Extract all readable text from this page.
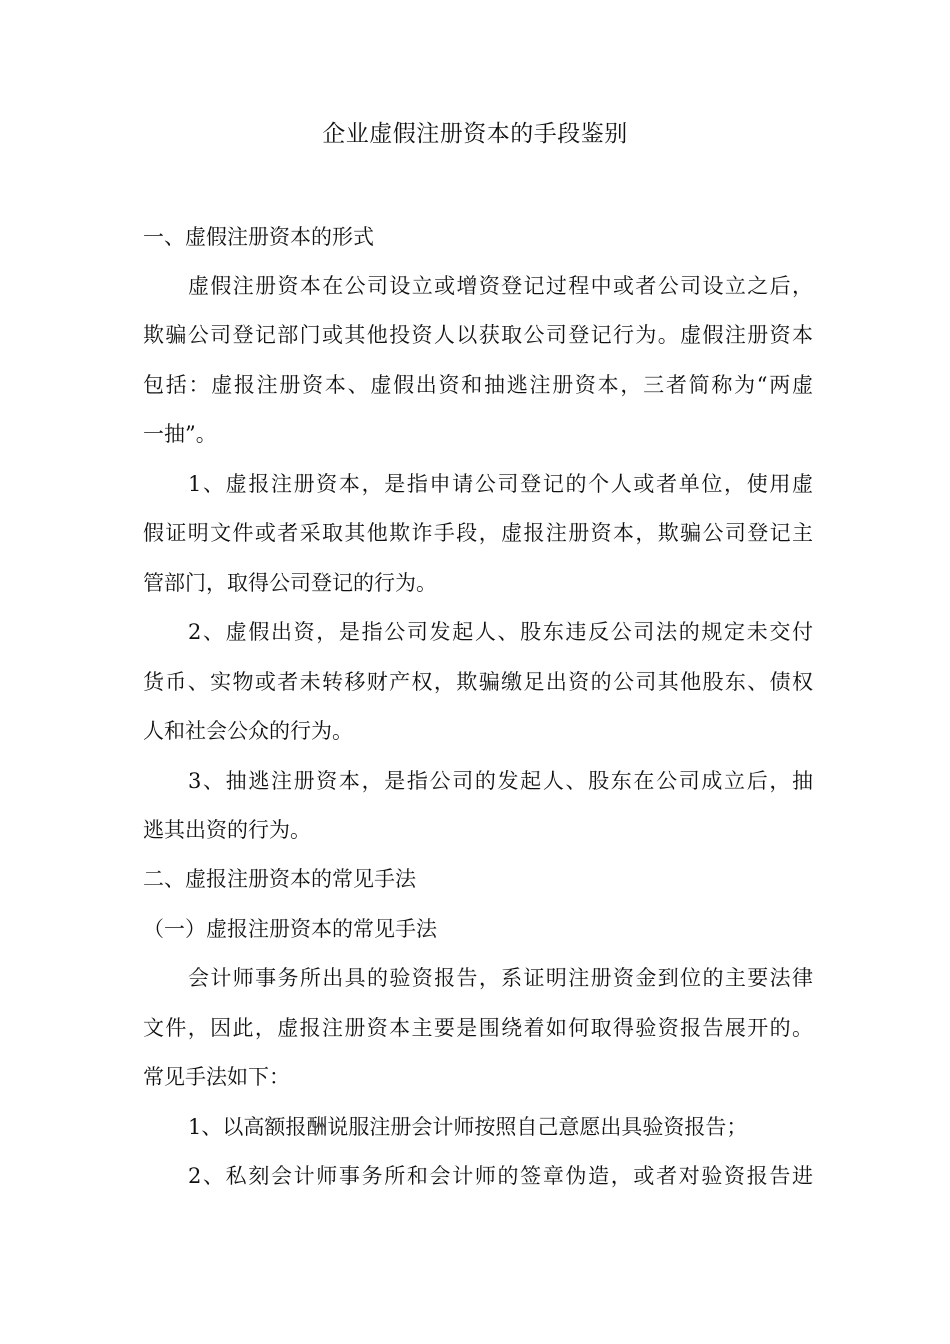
企业虚假注册资本的手段鉴别
一、虚假注册资本的形式
虚假注册资本在公司设立或增资登记过程中或者公司设立之后，
欺骗公司登记部门或其他投资人以获取公司登记行为。虚假注册资本
包括：虚报注册资本、虚假出资和抽逃注册资本，三者简称为“两虚
一抽”。
1、虚报注册资本，是指申请公司登记的个人或者单位，使用虚
假证明文件或者采取其他欺诈手段，虚报注册资本，欺骗公司登记主
管部门，取得公司登记的行为。
2、虚假出资，是指公司发起人、股东违反公司法的规定未交付
货币、实物或者未转移财产权，欺骗缴足出资的公司其他股东、债权
人和社会公众的行为。
3、抽逃注册资本，是指公司的发起人、股东在公司成立后，抽
逃其出资的行为。
二、虚报注册资本的常见手法
（一）虚报注册资本的常见手法
会计师事务所出具的验资报告，系证明注册资金到位的主要法律
文件，因此，虚报注册资本主要是围绕着如何取得验资报告展开的。
常见手法如下：
1、以高额报酬说服注册会计师按照自己意愿出具验资报告；
2、私刻会计师事务所和会计师的签章伪造，或者对验资报告进
